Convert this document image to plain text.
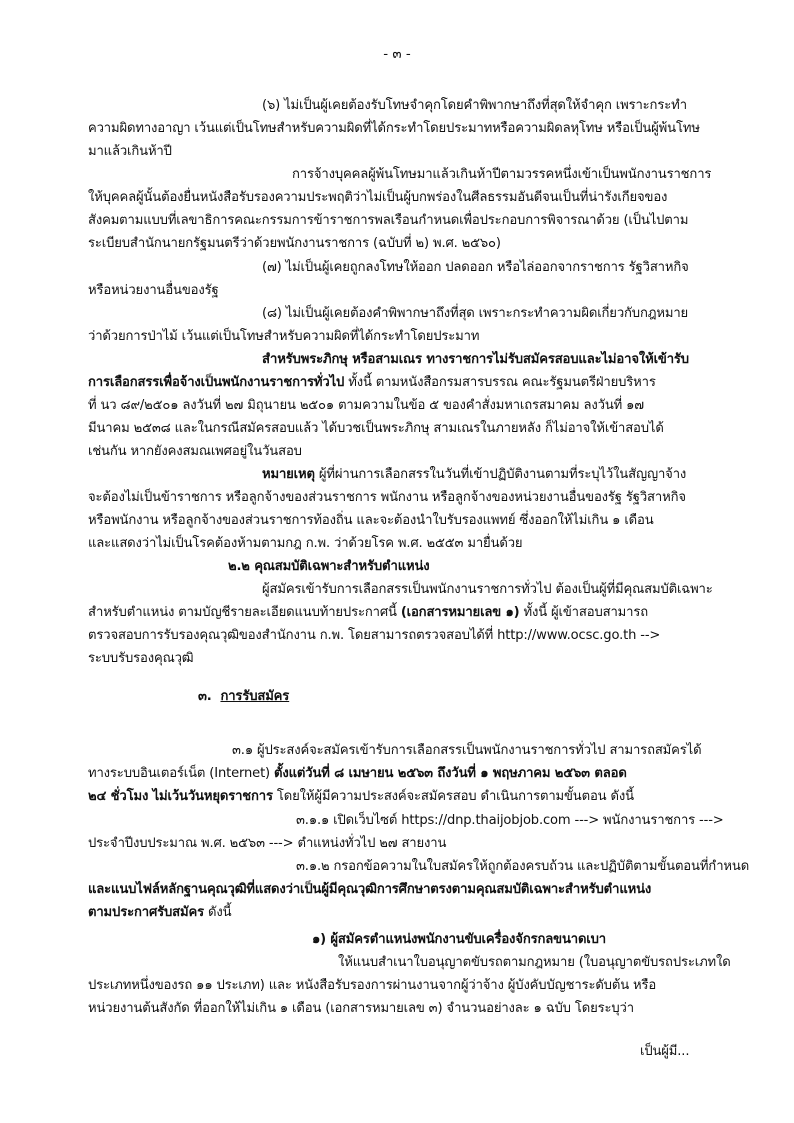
- ๓ -
(๖) ไม่เป็นผู้เคยต้องรับโทษจำคุกโดยคำพิพากษาถึงที่สุดให้จำคุก เพราะกระทำ
ความผิดทางอาญา เว้นแต่เป็นโทษสำหรับความผิดที่ได้กระทำโดยประมาทหรือความผิดลหุโทษ หรือเป็นผู้พ้นโทษ
มาแล้วเกินห้าปี
การจ้างบุคคลผู้พ้นโทษมาแล้วเกินห้าปีตามวรรคหนึ่งเข้าเป็นพนักงานราชการ
ให้บุคคลผู้นั้นต้องยื่นหนังสือรับรองความประพฤติว่าไม่เป็นผู้บกพร่องในศีลธรรมอันดีจนเป็นที่น่ารังเกียจของ
สังคมตามแบบที่เลขาธิการคณะกรรมการข้าราชการพลเรือนกำหนดเพื่อประกอบการพิจารณาด้วย (เป็นไปตาม
ระเบียบสำนักนายกรัฐมนตรีว่าด้วยพนักงานราชการ (ฉบับที่ ๒) พ.ศ. ๒๕๖๐)
(๗) ไม่เป็นผู้เคยถูกลงโทษให้ออก ปลดออก หรือไล่ออกจากราชการ รัฐวิสาหกิจ
หรือหน่วยงานอื่นของรัฐ
(๘) ไม่เป็นผู้เคยต้องคำพิพากษาถึงที่สุด เพราะกระทำความผิดเกี่ยวกับกฎหมาย
ว่าด้วยการป่าไม้ เว้นแต่เป็นโทษสำหรับความผิดที่ได้กระทำโดยประมาท
สำหรับพระภิกษุ หรือสามเณร ทางราชการไม่รับสมัครสอบและไม่อาจให้เข้ารับ
การเลือกสรรเพื่อจ้างเป็นพนักงานราชการทั่วไป ทั้งนี้ ตามหนังสือกรมสารบรรณ คณะรัฐมนตรีฝ่ายบริหาร
ที่ นว ๘๙/๒๕๐๑ ลงวันที่ ๒๗ มิถุนายน ๒๕๐๑ ตามความในข้อ ๕ ของคำสั่งมหาเถรสมาคม ลงวันที่ ๑๗
มีนาคม ๒๕๓๘ และในกรณีสมัครสอบแล้ว ได้บวชเป็นพระภิกษุ สามเณรในภายหลัง ก็ไม่อาจให้เข้าสอบได้
เช่นกัน หากยังคงสมณเพศอยู่ในวันสอบ
หมายเหตุ ผู้ที่ผ่านการเลือกสรรในวันที่เข้าปฏิบัติงานตามที่ระบุไว้ในสัญญาจ้าง
จะต้องไม่เป็นข้าราชการ หรือลูกจ้างของส่วนราชการ พนักงาน หรือลูกจ้างของหน่วยงานอื่นของรัฐ รัฐวิสาหกิจ
หรือพนักงาน หรือลูกจ้างของส่วนราชการท้องถิ่น และจะต้องนำใบรับรองแพทย์ ซึ่งออกให้ไม่เกิน ๑ เดือน
และแสดงว่าไม่เป็นโรคต้องห้ามตามกฎ ก.พ. ว่าด้วยโรค พ.ศ. ๒๕๕๓ มายื่นด้วย
๒.๒ คุณสมบัติเฉพาะสำหรับตำแหน่ง
ผู้สมัครเข้ารับการเลือกสรรเป็นพนักงานราชการทั่วไป ต้องเป็นผู้ที่มีคุณสมบัติเฉพาะ
สำหรับตำแหน่ง ตามบัญชีรายละเอียดแนบท้ายประกาศนี้ (เอกสารหมายเลข ๑) ทั้งนี้ ผู้เข้าสอบสามารถ
ตรวจสอบการรับรองคุณวุฒิของสำนักงาน ก.พ. โดยสามารถตรวจสอบได้ที่ http://www.ocsc.go.th -->
ระบบรับรองคุณวุฒิ
๓. การรับสมัคร
๓.๑ ผู้ประสงค์จะสมัครเข้ารับการเลือกสรรเป็นพนักงานราชการทั่วไป สามารถสมัครได้
ทางระบบอินเตอร์เน็ต (Internet) ตั้งแต่วันที่ ๘ เมษายน ๒๕๖๓ ถึงวันที่ ๑ พฤษภาคม ๒๕๖๓ ตลอด
๒๔ ชั่วโมง ไม่เว้นวันหยุดราชการ โดยให้ผู้มีความประสงค์จะสมัครสอบ ดำเนินการตามขั้นตอน ดังนี้
๓.๑.๑ เปิดเว็บไซต์ https://dnp.thaijobjob.com ---> พนักงานราชการ --->
ประจำปีงบประมาณ พ.ศ. ๒๕๖๓ ---> ตำแหน่งทั่วไป ๒๗ สายงาน
๓.๑.๒ กรอกข้อความในใบสมัครให้ถูกต้องครบถ้วน และปฏิบัติตามขั้นตอนที่กำหนด
และแนบไฟล์หลักฐานคุณวุฒิที่แสดงว่าเป็นผู้มีคุณวุฒิการศึกษาตรงตามคุณสมบัติเฉพาะสำหรับตำแหน่ง
ตามประกาศรับสมัคร ดังนี้
๑) ผู้สมัครตำแหน่งพนักงานขับเครื่องจักรกลขนาดเบา
ให้แนบสำเนาใบอนุญาตขับรถตามกฎหมาย (ใบอนุญาตขับรถประเภทใด
ประเภทหนึ่งของรถ ๑๑ ประเภท) และ หนังสือรับรองการผ่านงานจากผู้ว่าจ้าง ผู้บังคับบัญชาระดับต้น หรือ
หน่วยงานต้นสังกัด ที่ออกให้ไม่เกิน ๑ เดือน (เอกสารหมายเลข ๓) จำนวนอย่างละ ๑ ฉบับ โดยระบุว่า
เป็นผู้มี...
